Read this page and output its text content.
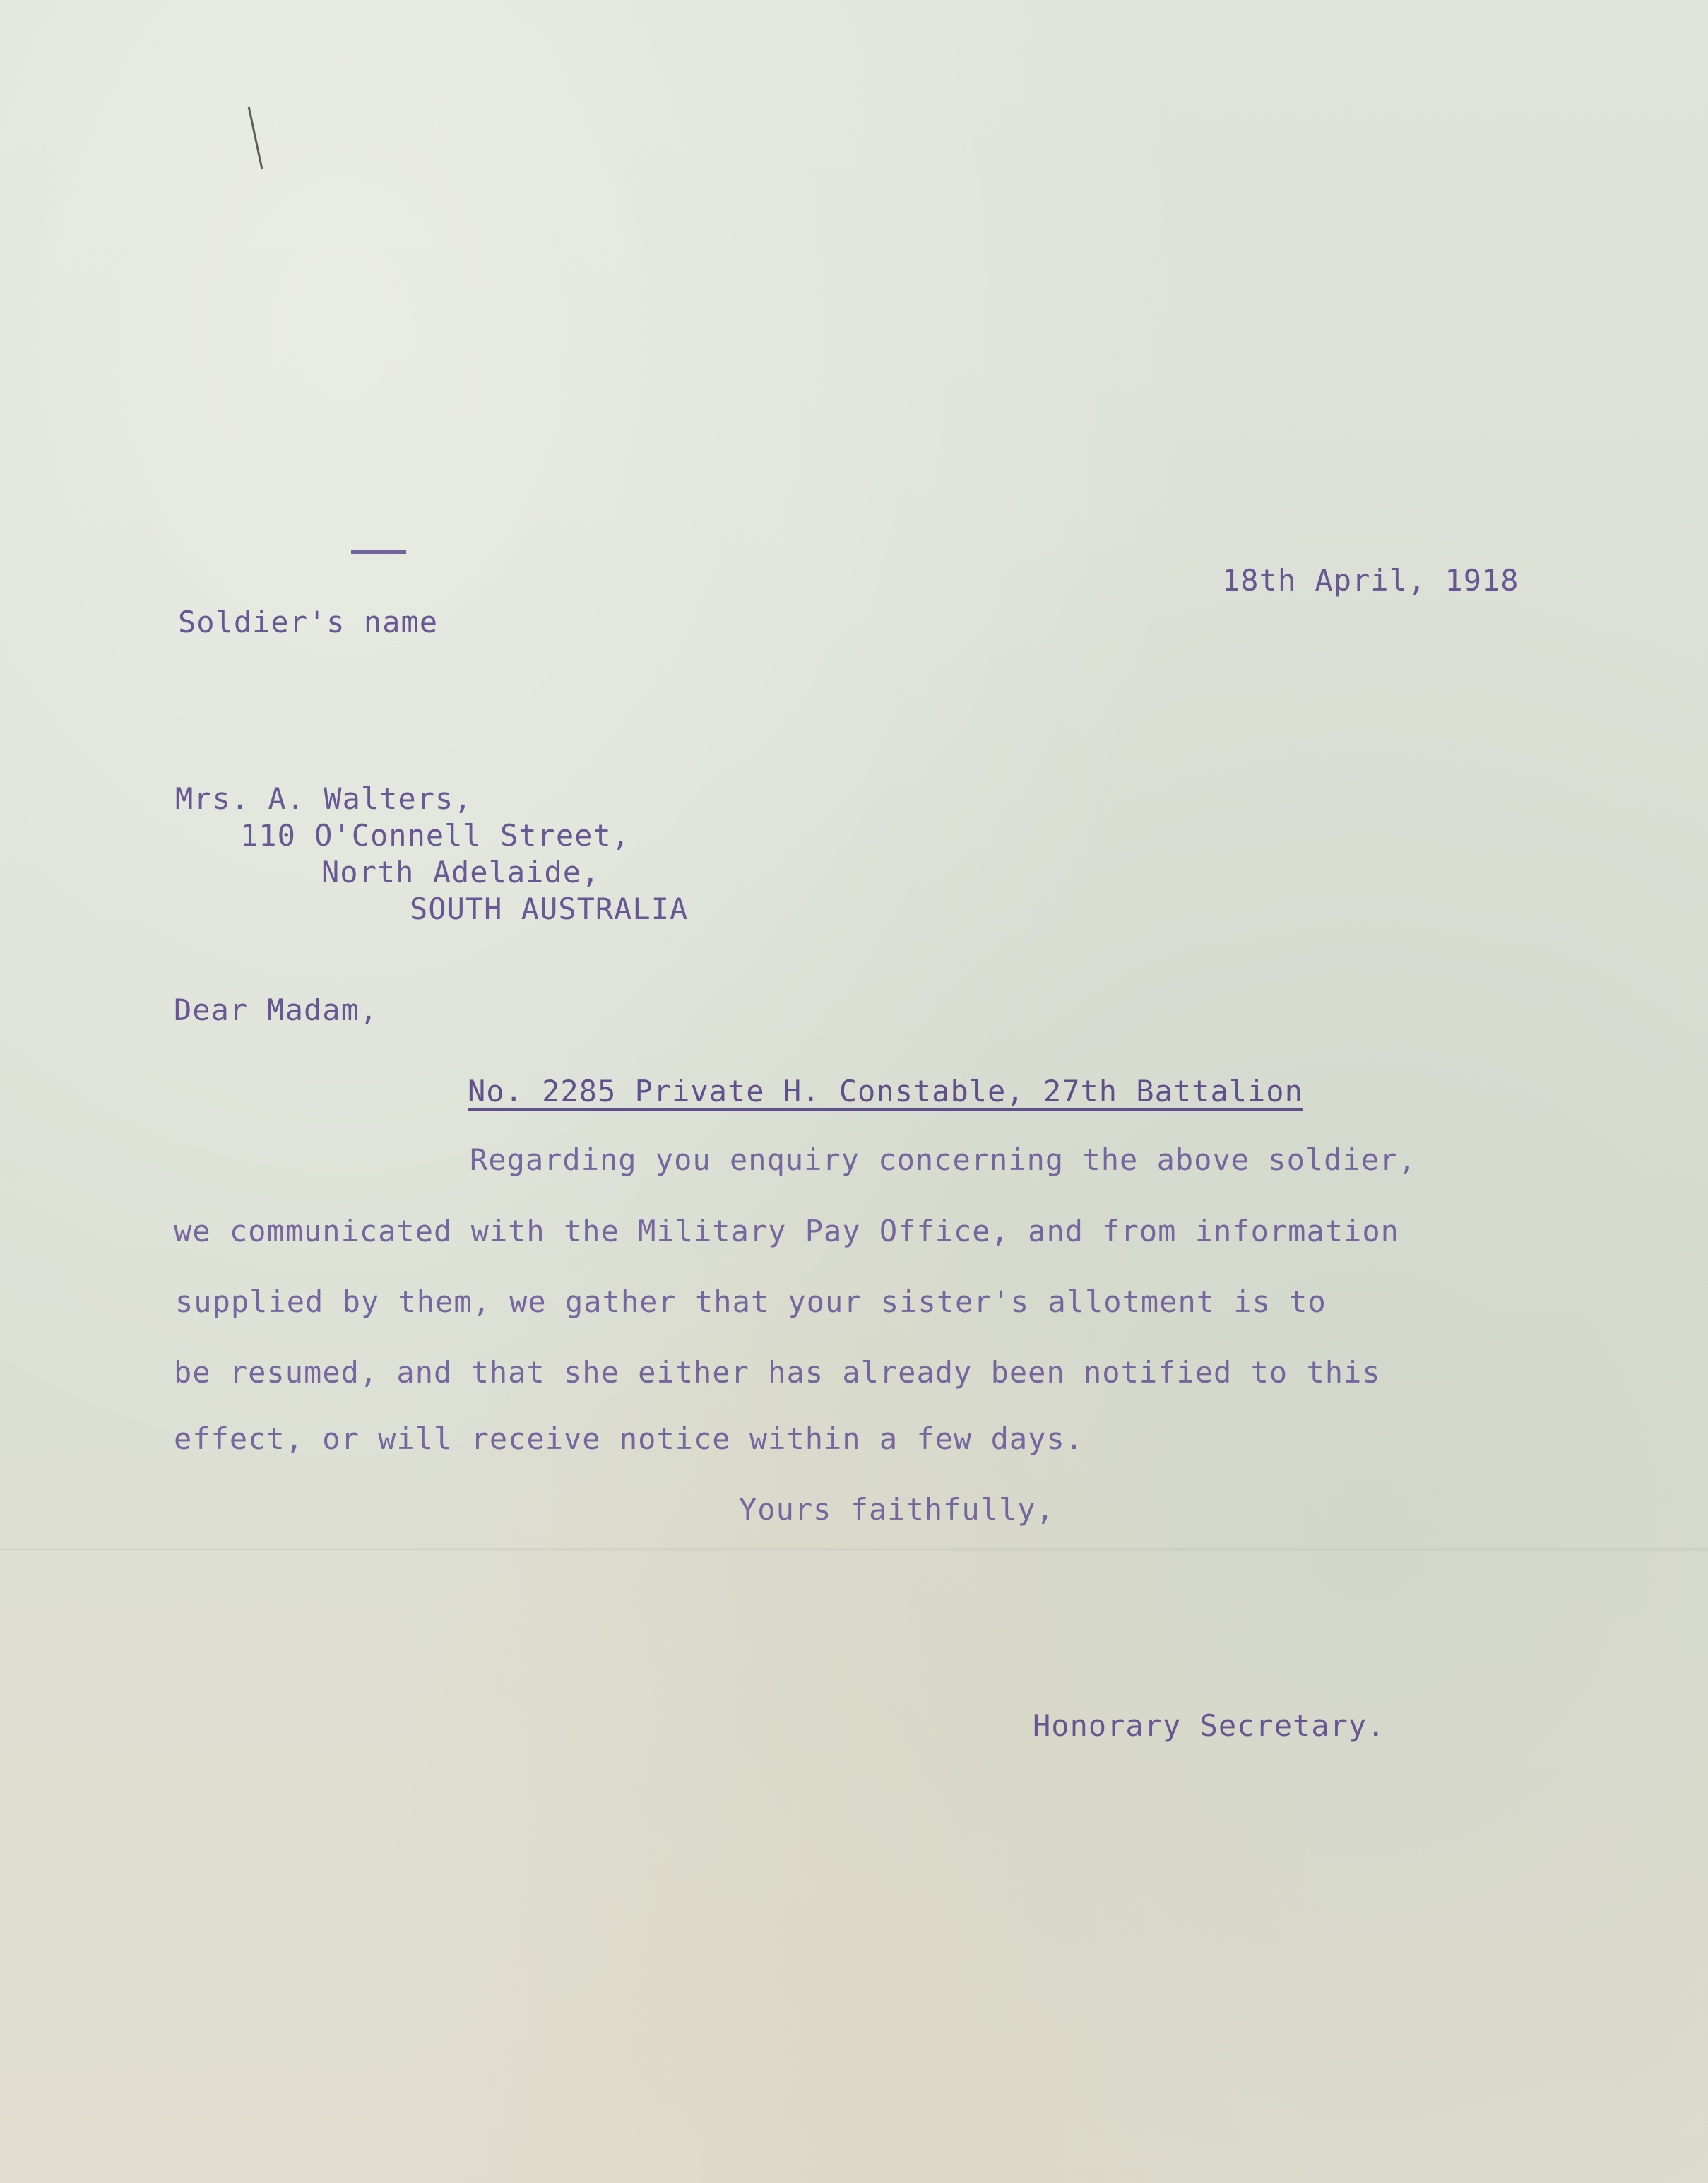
18th April, 1918
Soldier's name
Mrs. A. Walters,
110 O'Connell Street,
North Adelaide,
SOUTH AUSTRALIA
Dear Madam,
No. 2285 Private H. Constable, 27th Battalion
Regarding you enquiry concerning the above soldier,
we communicated with the Military Pay Office, and from information
supplied by them, we gather that your sister's allotment is to
be resumed, and that she either has already been notified to this
effect, or will receive notice within a few days.
Yours faithfully,
Honorary Secretary.
